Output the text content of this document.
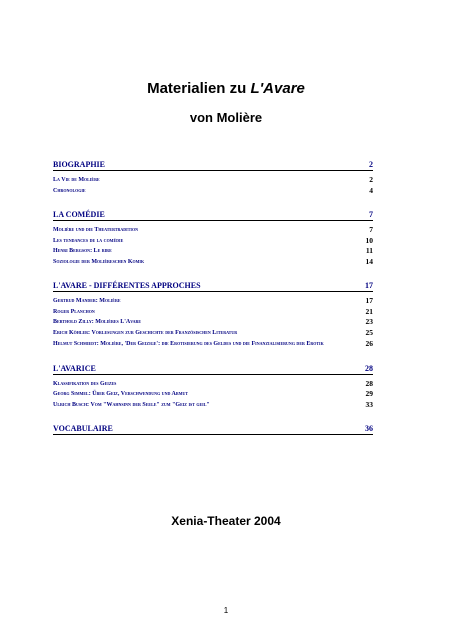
Materialien zu L'Avare
von Molière
BIOGRAPHIE	2
La Vie de Molière	2
Chronologie	4
LA COMÉDIE	7
Molière und die Theatertradition	7
Les tendances de la comédie	10
Henri Bergson: Le rire	11
Soziologie der Molièreschen Komik	14
L'AVARE - DIFFÉRENTES APPROCHES	17
Gertrud Mander: Molière	17
Roger Planchon	21
Berthold Zilly: Molières L'Avare	23
Erich Köhler: Vorlesungen zur Geschichte der Französischen Literatur	25
Helmut Schmiedt: Molière, 'Der Geizige': die Erotisierung des Geldes und die Finanzialisierung der Erotik	26
L'AVARICE	28
Klassifikation des Geizes	28
Georg Simmel: Über Geiz, Verschwendung und Armut	29
Ulrich Busch: Vom "Wahnsinn der Seele" zum "Geiz ist geil"	33
VOCABULAIRE	36
Xenia-Theater 2004
1
